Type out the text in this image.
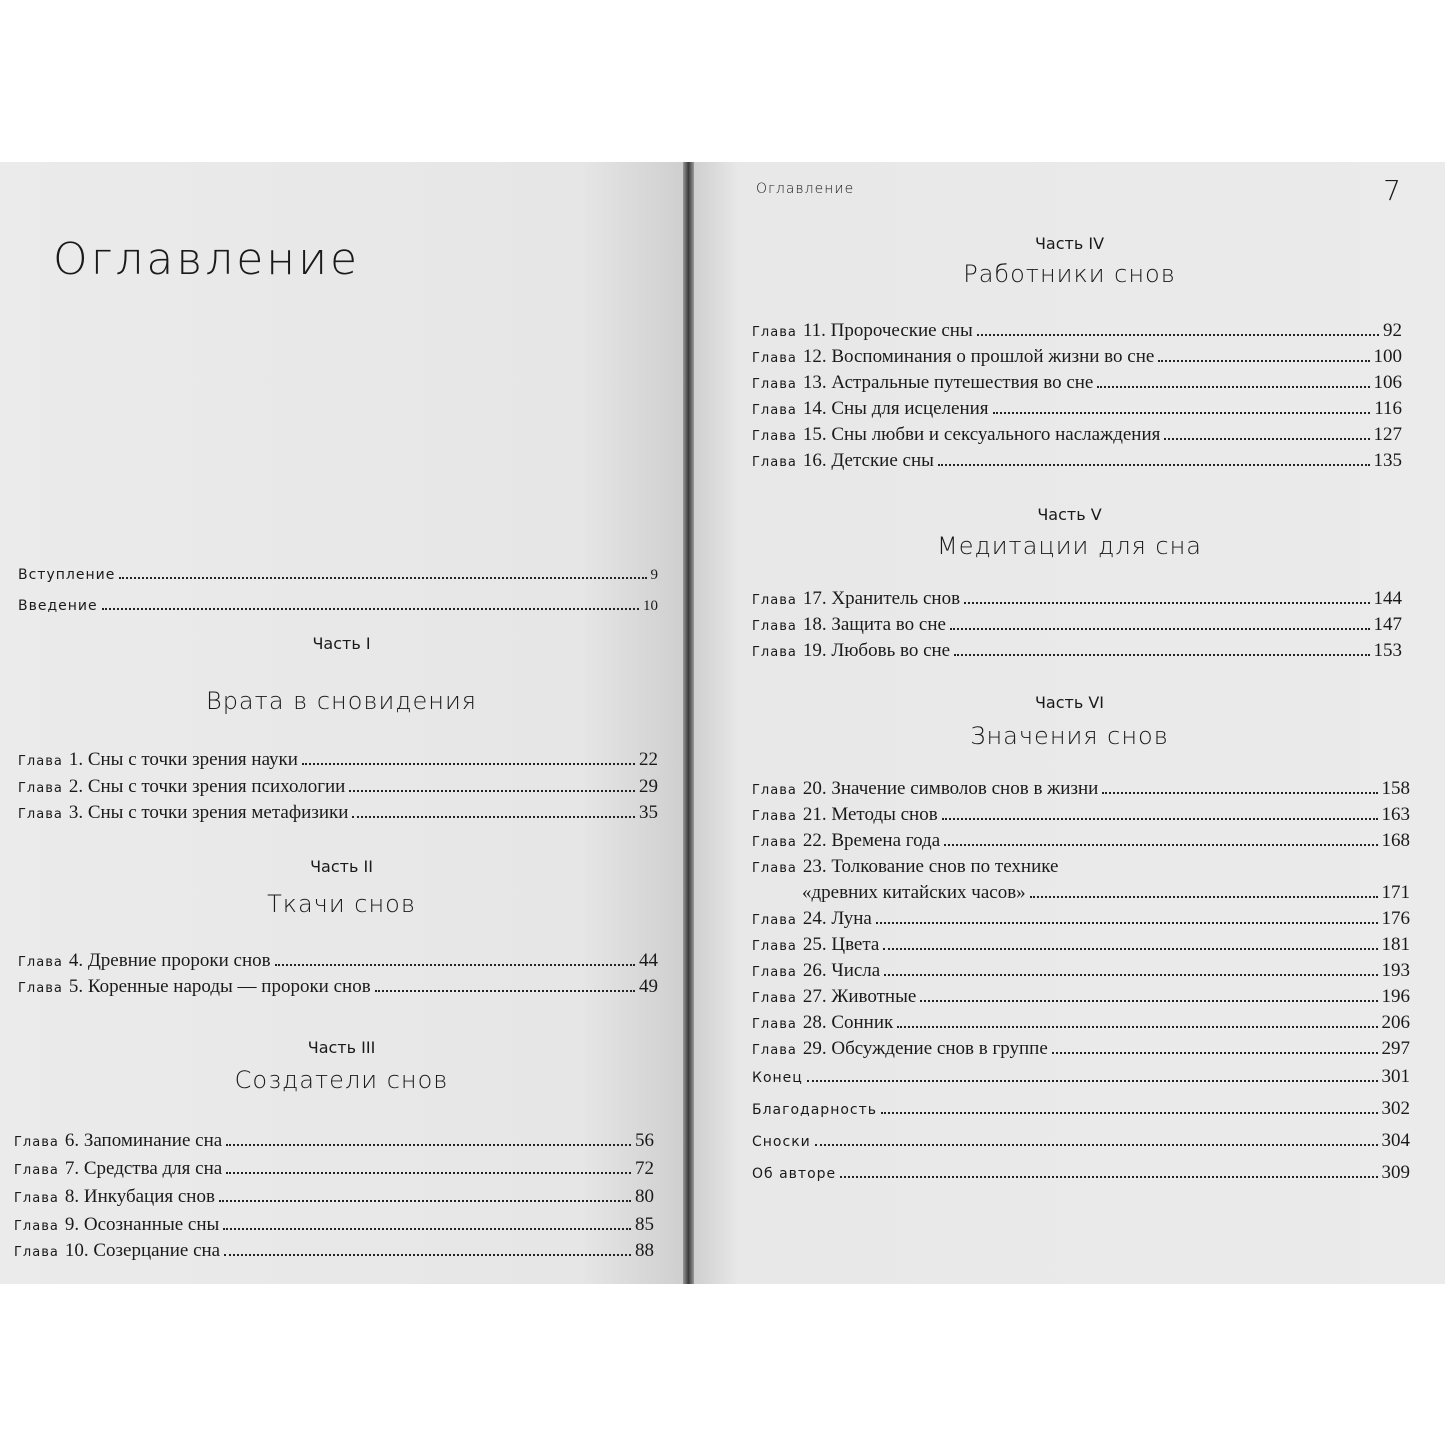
Оглавление
Вступление	9
Введение	10
Часть I
Врата в сновидения
Глава 1.
Сны с точки зрения науки	22
Глава 2.
Сны с точки зрения психологии	29
Глава 3.
Сны с точки зрения метафизики	35
Часть II
Ткачи снов
Глава 4.
Древние пророки снов	44
Глава 5.
Коренные народы — пророки снов	49
Часть III
Создатели снов
Глава 6.
Запоминание сна	56
Глава 7.
Средства для сна	72
Глава 8.
Инкубация снов	80
Глава 9.
Осознанные сны	85
Глава 10.
Созерцание сна	88
Оглавление	7
Часть IV
Работники снов
Глава 11.
Пророческие сны	92
Глава 12.
Воспоминания о прошлой жизни во сне	100
Глава 13.
Астральные путешествия во сне	106
Глава 14.
Сны для исцеления	116
Глава 15.
Сны любви и сексуального наслаждения	127
Глава 16.
Детские сны	135
Часть V
Медитации для сна
Глава 17.
Хранитель снов	144
Глава 18.
Защита во сне	147
Глава 19.
Любовь во сне	153
Часть VI
Значения снов
Глава 20.
Значение символов снов в жизни	158
Глава 21.
Методы снов	163
Глава 22.
Времена года	168
Глава 23.
Толкование снов по технике
«древних китайских часов»	171
Глава 24.
Луна	176
Глава 25.
Цвета	181
Глава 26.
Числа	193
Глава 27.
Животные	196
Глава 28.
Сонник	206
Глава 29.
Обсуждение снов в группе	297
Конец	301
Благодарность	302
Сноски	304
Об авторе	309
